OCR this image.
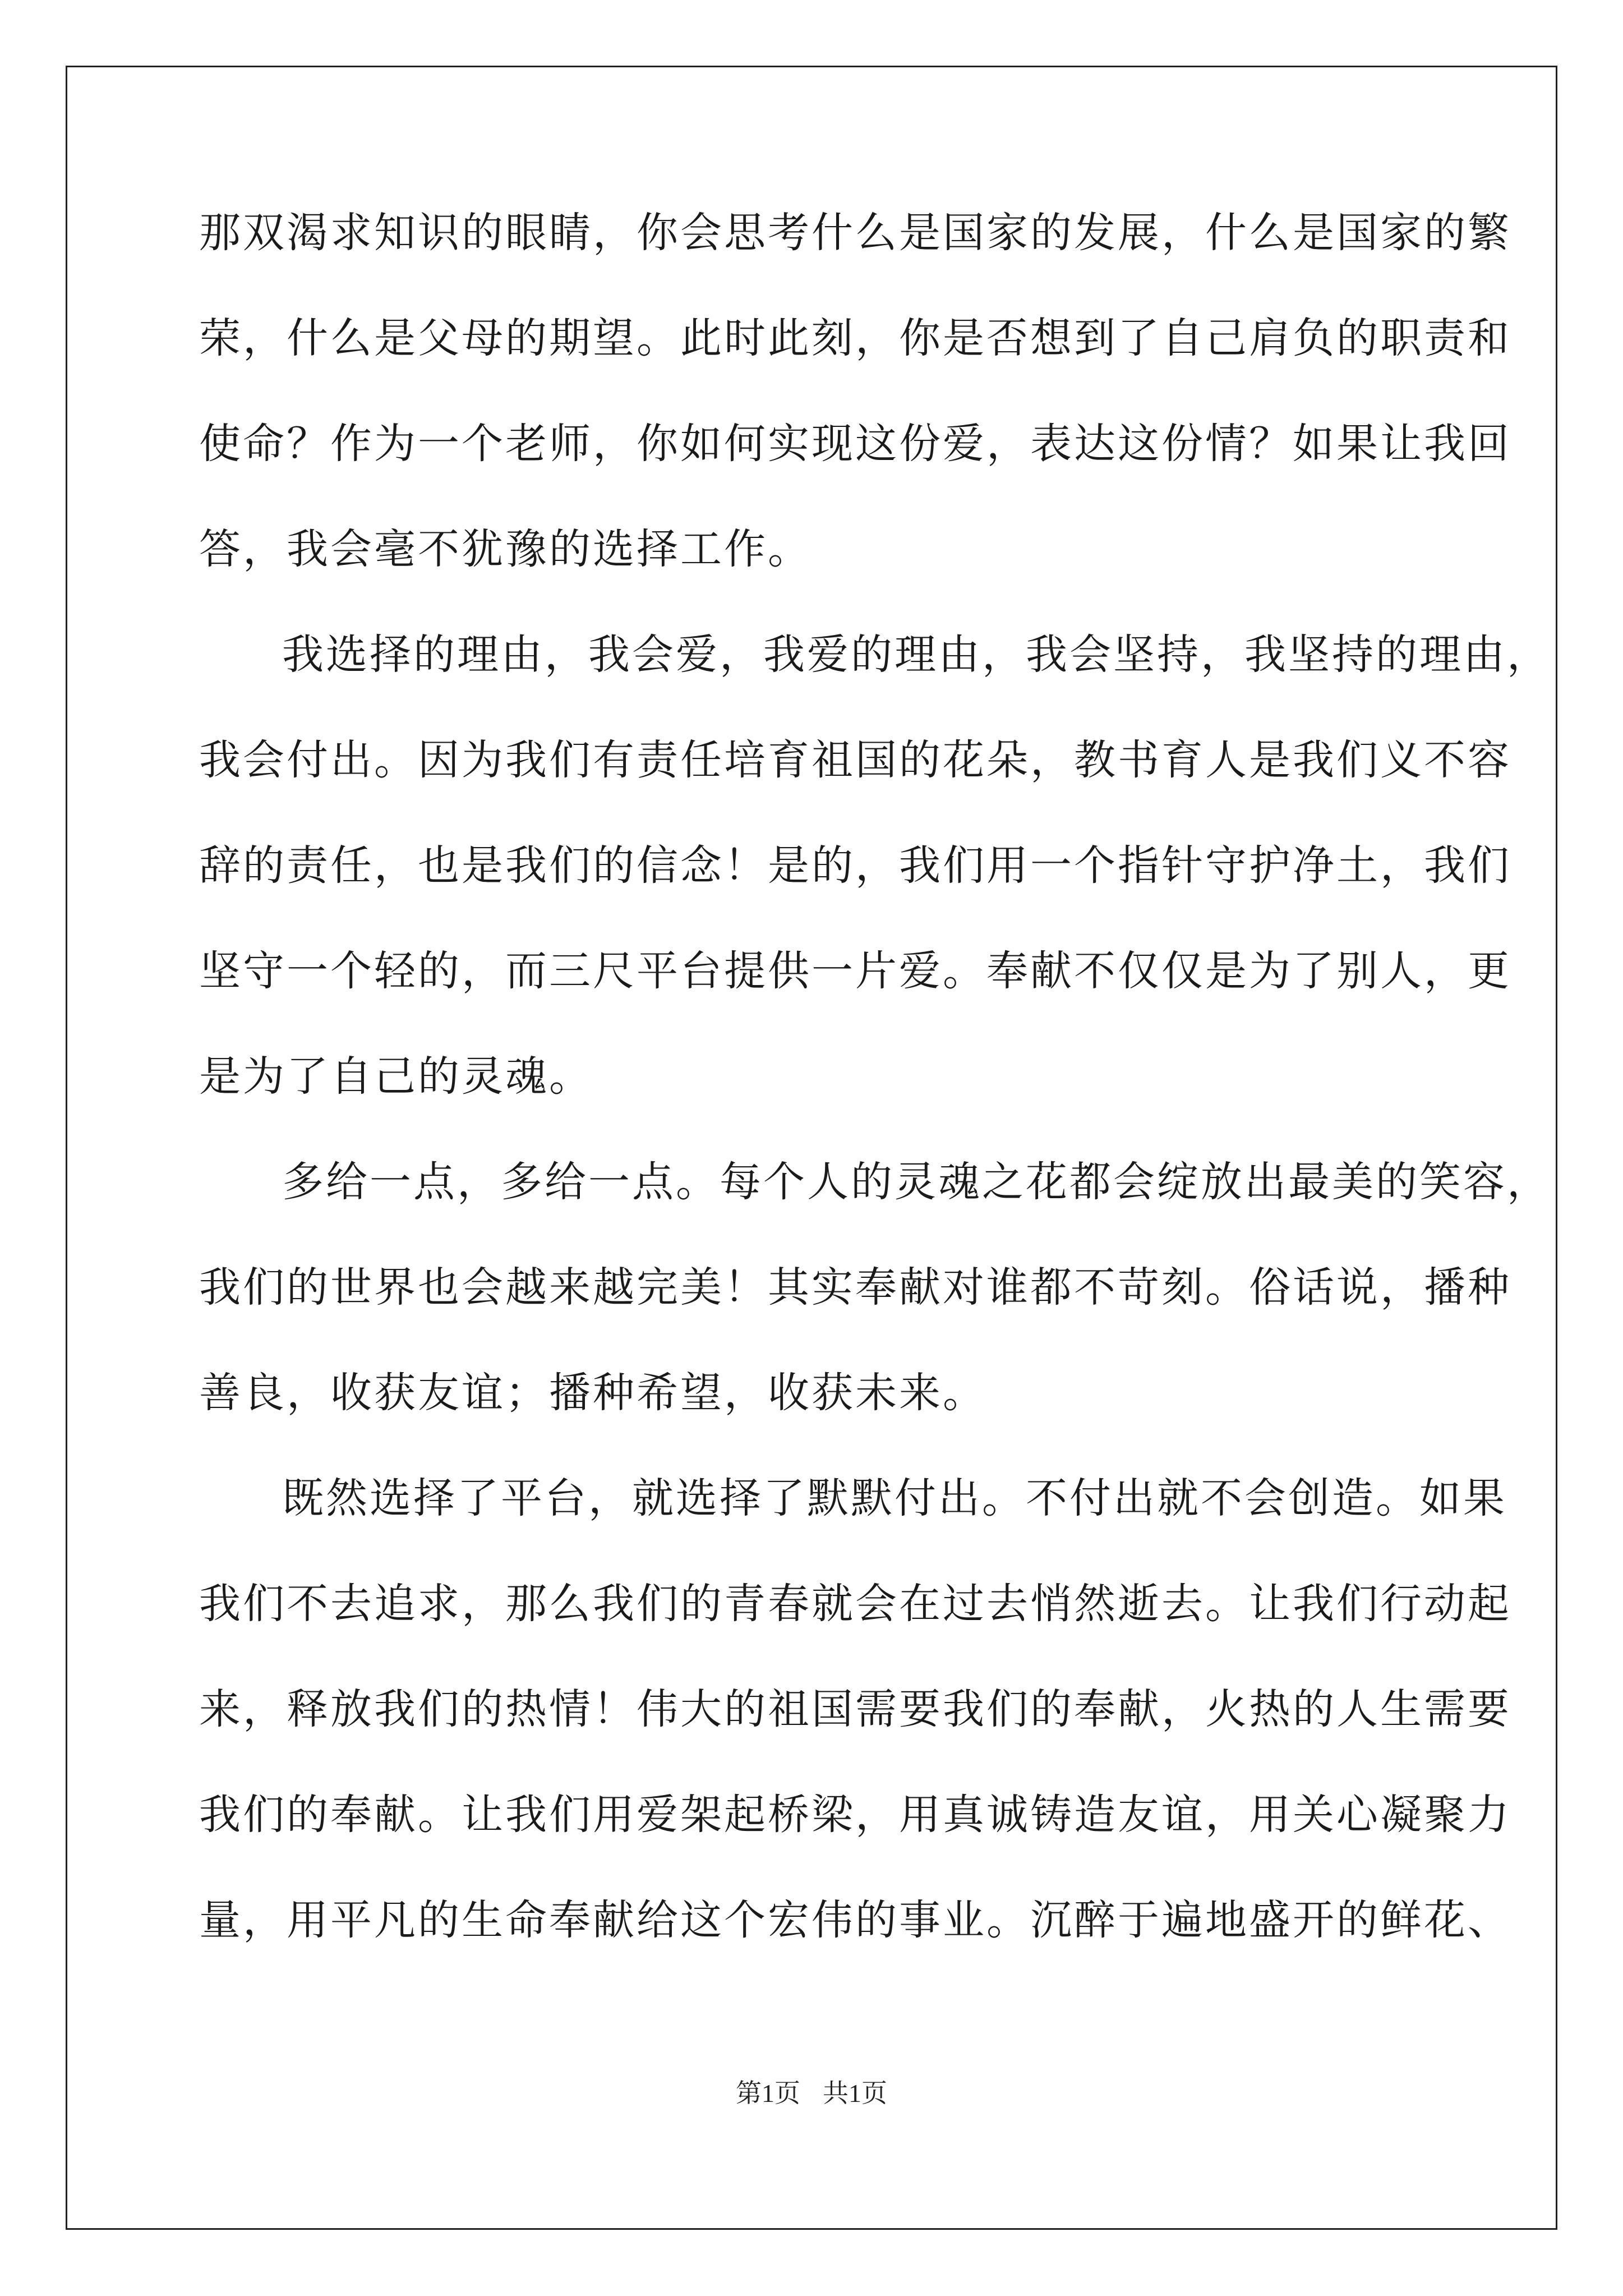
那双渴求知识的眼睛，你会思考什么是国家的发展，什么是国家的繁
荣，什么是父母的期望。此时此刻，你是否想到了自己肩负的职责和
使命？作为一个老师，你如何实现这份爱，表达这份情？如果让我回
答，我会毫不犹豫的选择工作。
我选择的理由，我会爱，我爱的理由，我会坚持，我坚持的理由，
我会付出。因为我们有责任培育祖国的花朵，教书育人是我们义不容
辞的责任，也是我们的信念！是的，我们用一个指针守护净土，我们
坚守一个轻的，而三尺平台提供一片爱。奉献不仅仅是为了别人，更
是为了自己的灵魂。
多给一点，多给一点。每个人的灵魂之花都会绽放出最美的笑容，
我们的世界也会越来越完美！其实奉献对谁都不苛刻。俗话说，播种
善良，收获友谊；播种希望，收获未来。
既然选择了平台，就选择了默默付出。不付出就不会创造。如果
我们不去追求，那么我们的青春就会在过去悄然逝去。让我们行动起
来，释放我们的热情！伟大的祖国需要我们的奉献，火热的人生需要
我们的奉献。让我们用爱架起桥梁，用真诚铸造友谊，用关心凝聚力
量，用平凡的生命奉献给这个宏伟的事业。沉醉于遍地盛开的鲜花、
第1页 共1页
